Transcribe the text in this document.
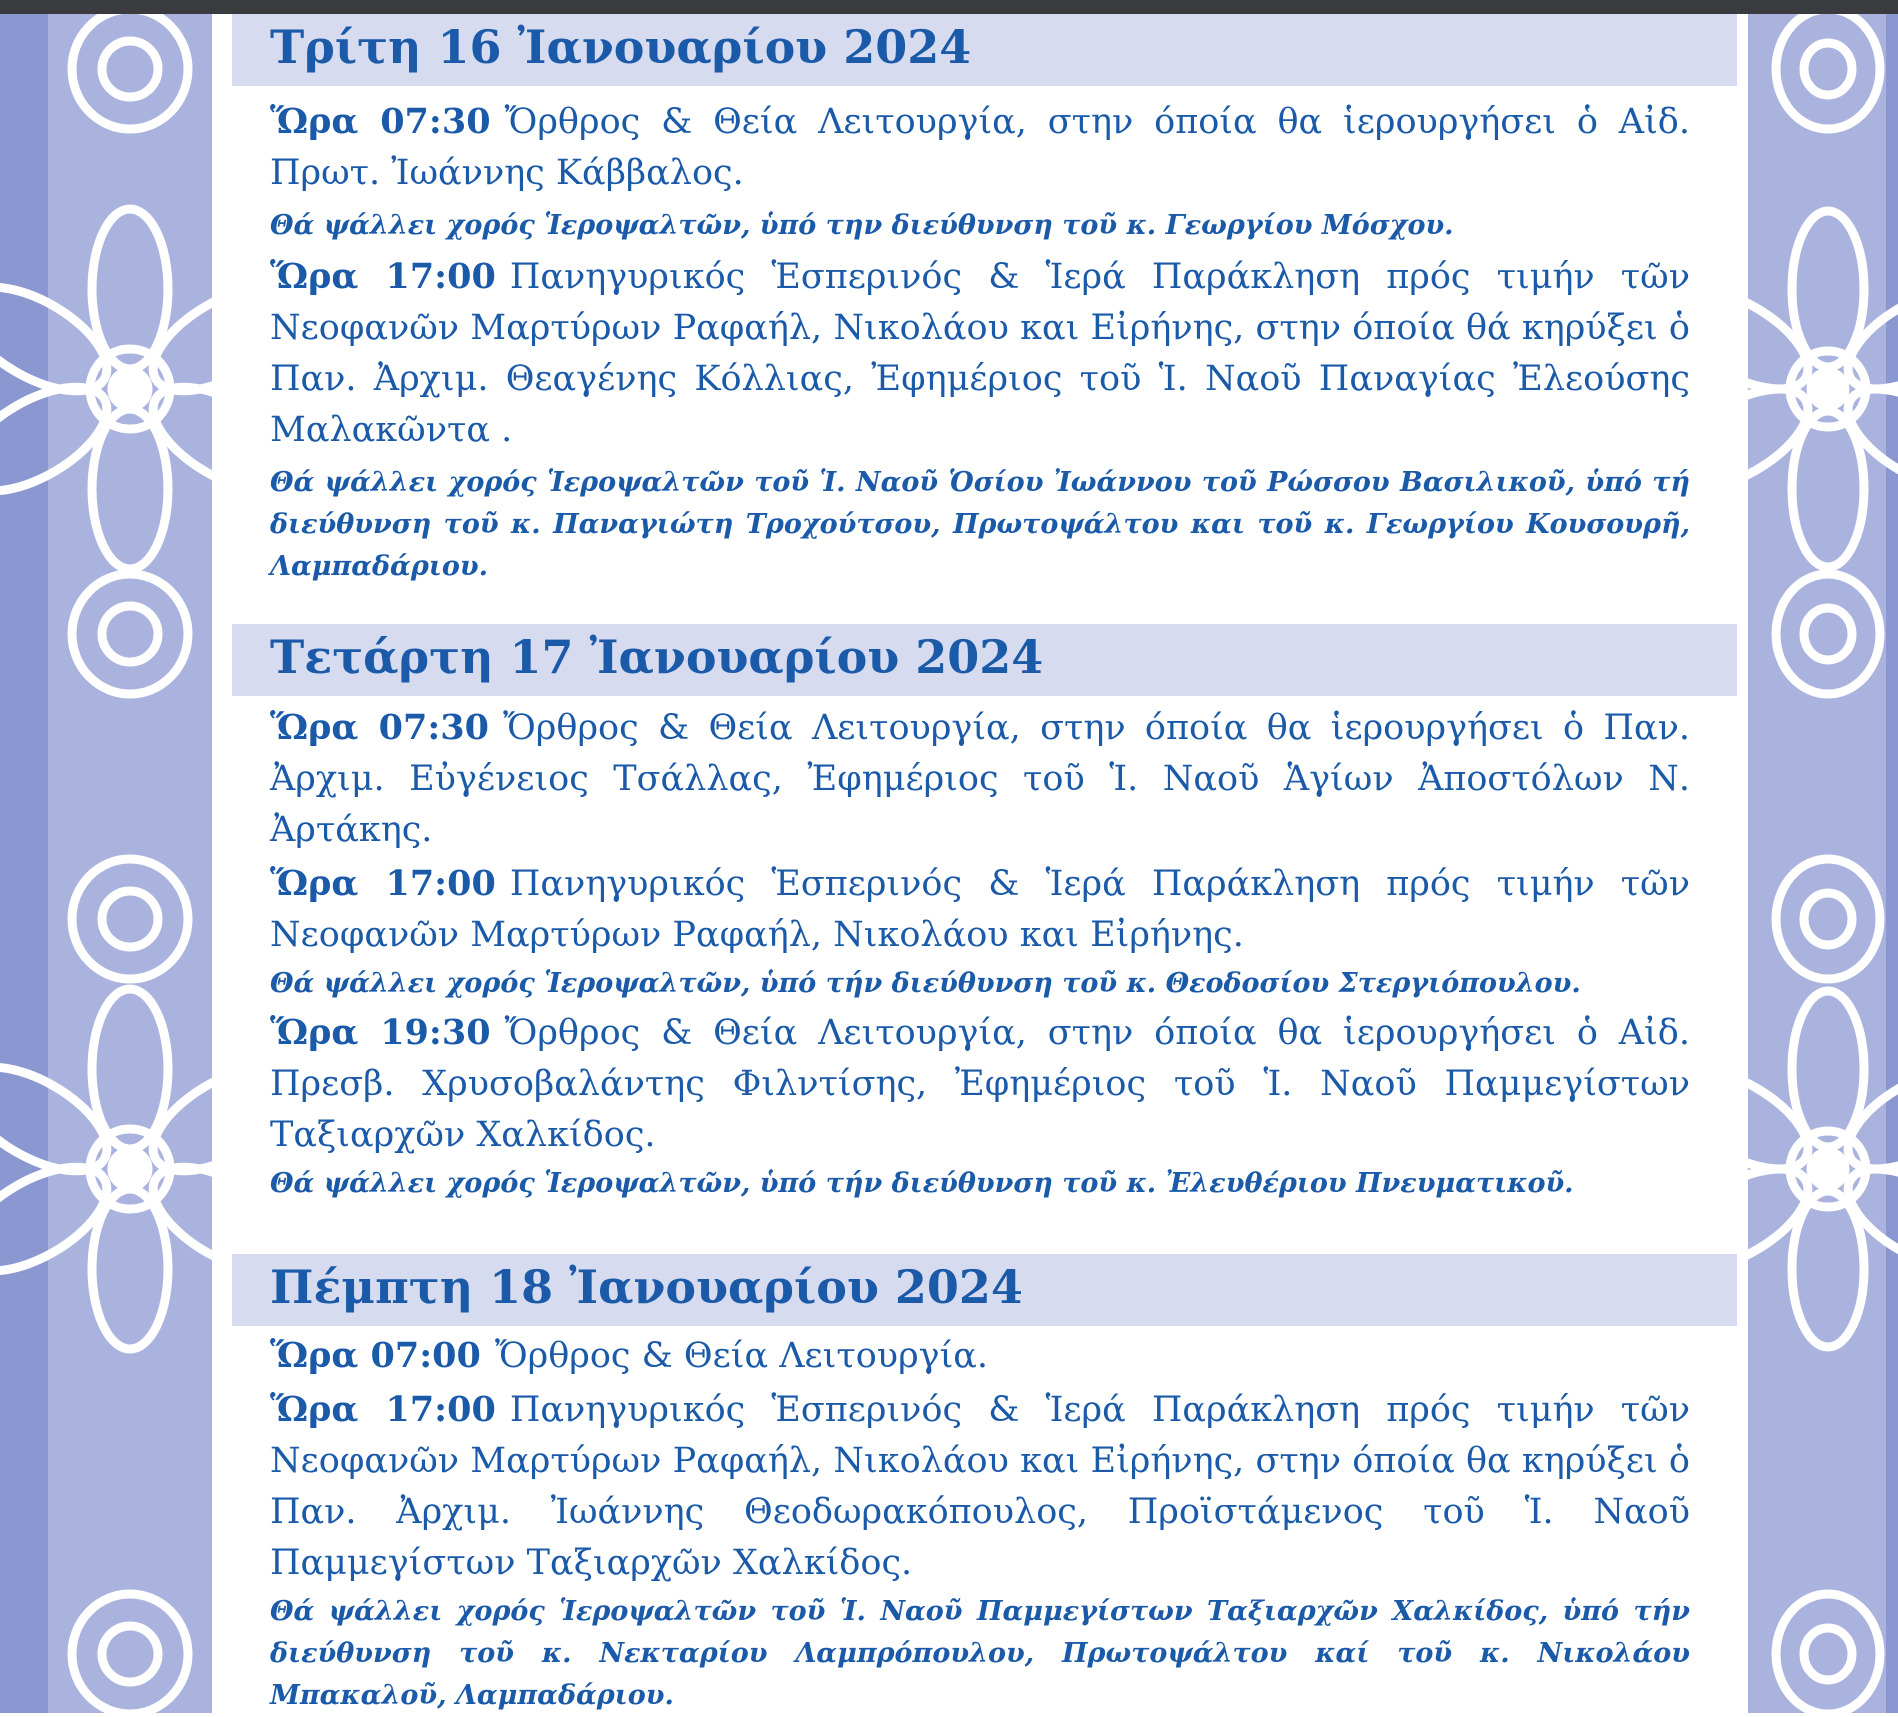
Τρίτη 16 Ἰανουαρίου 2024
Ὥρα 07:30 Ὄρθρος & Θεία Λειτουργία, στην όποία θα ἱερουργήσει ὁ Αἰδ. Πρωτ. Ἰωάννης Κάββαλος.
Θά ψάλλει χορός Ἱεροψαλτῶν, ὑπό την διεύθυνση τοῦ κ. Γεωργίου Μόσχου.
Ὥρα 17:00 Πανηγυρικός Ἑσπερινός & Ἱερά Παράκληση πρός τιμήν τῶν Νεοφανῶν Μαρτύρων Ραφαήλ, Νικολάου και Εἰρήνης, στην όποία θά κηρύξει ὁ Παν. Ἀρχιμ. Θεαγένης Κόλλιας, Ἐφημέριος τοῦ Ἱ. Ναοῦ Παναγίας Ἐλεούσης Μαλακῶντα .
Θά ψάλλει χορός Ἱεροψαλτῶν τοῦ Ἱ. Ναοῦ Ὁσίου Ἰωάννου τοῦ Ρώσσου Βασιλικοῦ, ὑπό τή διεύθυνση τοῦ κ. Παναγιώτη Τροχούτσου, Πρωτοψάλτου και τοῦ κ. Γεωργίου Κουσουρῆ, Λαμπαδάριου.
Τετάρτη 17 Ἰανουαρίου 2024
Ὥρα 07:30 Ὄρθρος & Θεία Λειτουργία, στην όποία θα ἱερουργήσει ὁ Παν. Ἀρχιμ. Εὐγένειος Τσάλλας, Ἐφημέριος τοῦ Ἱ. Ναοῦ Ἁγίων Ἀποστόλων Ν. Ἀρτάκης.
Ὥρα 17:00 Πανηγυρικός Ἑσπερινός & Ἱερά Παράκληση πρός τιμήν τῶν Νεοφανῶν Μαρτύρων Ραφαήλ, Νικολάου και Εἰρήνης.
Θά ψάλλει χορός Ἱεροψαλτῶν, ὑπό τήν διεύθυνση τοῦ κ. Θεοδοσίου Στεργιόπουλου.
Ὥρα 19:30 Ὄρθρος & Θεία Λειτουργία, στην όποία θα ἱερουργήσει ὁ Αἰδ. Πρεσβ. Χρυσοβαλάντης Φιλντίσης, Ἐφημέριος τοῦ Ἱ. Ναοῦ Παμμεγίστων Ταξιαρχῶν Χαλκίδος.
Θά ψάλλει χορός Ἱεροψαλτῶν, ὑπό τήν διεύθυνση τοῦ κ. Ἐλευθέριου Πνευματικοῦ.
Πέμπτη 18 Ἰανουαρίου 2024
Ὥρα 07:00 Ὄρθρος & Θεία Λειτουργία.
Ὥρα 17:00 Πανηγυρικός Ἑσπερινός & Ἱερά Παράκληση πρός τιμήν τῶν Νεοφανῶν Μαρτύρων Ραφαήλ, Νικολάου και Εἰρήνης, στην όποία θα κηρύξει ὁ Παν. Ἀρχιμ. Ἰωάννης Θεοδωρακόπουλος, Προϊστάμενος τοῦ Ἱ. Ναοῦ Παμμεγίστων Ταξιαρχῶν Χαλκίδος.
Θά ψάλλει χορός Ἱεροψαλτῶν τοῦ Ἱ. Ναοῦ Παμμεγίστων Ταξιαρχῶν Χαλκίδος, ὑπό τήν διεύθυνση τοῦ κ. Νεκταρίου Λαμπρόπουλου, Πρωτοψάλτου καί τοῦ κ. Νικολάου Μπακαλοῦ, Λαμπαδάριου.
